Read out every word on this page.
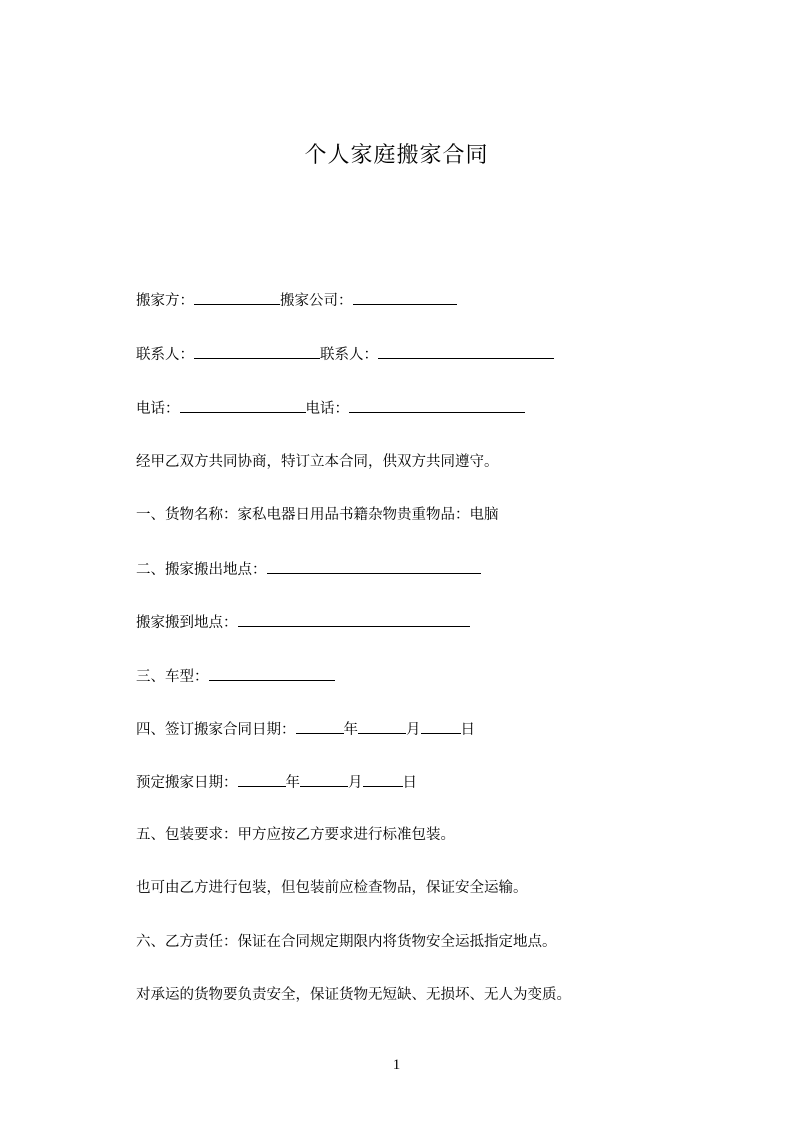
个人家庭搬家合同
搬家方：	搬家公司：
联系人：	联系人：
电话：	电话：
经甲乙双方共同协商，特订立本合同，供双方共同遵守。
一、货物名称：家私电器日用品书籍杂物贵重物品：电脑
二、搬家搬出地点：
搬家搬到地点：
三、车型：
四、签订搬家合同日期：	年	月	日
预定搬家日期：	年	月	日
五、包装要求：甲方应按乙方要求进行标准包装。
也可由乙方进行包装，但包装前应检查物品，保证安全运输。
六、乙方责任：保证在合同规定期限内将货物安全运抵指定地点。
对承运的货物要负责安全，保证货物无短缺、无损坏、无人为变质。
1
